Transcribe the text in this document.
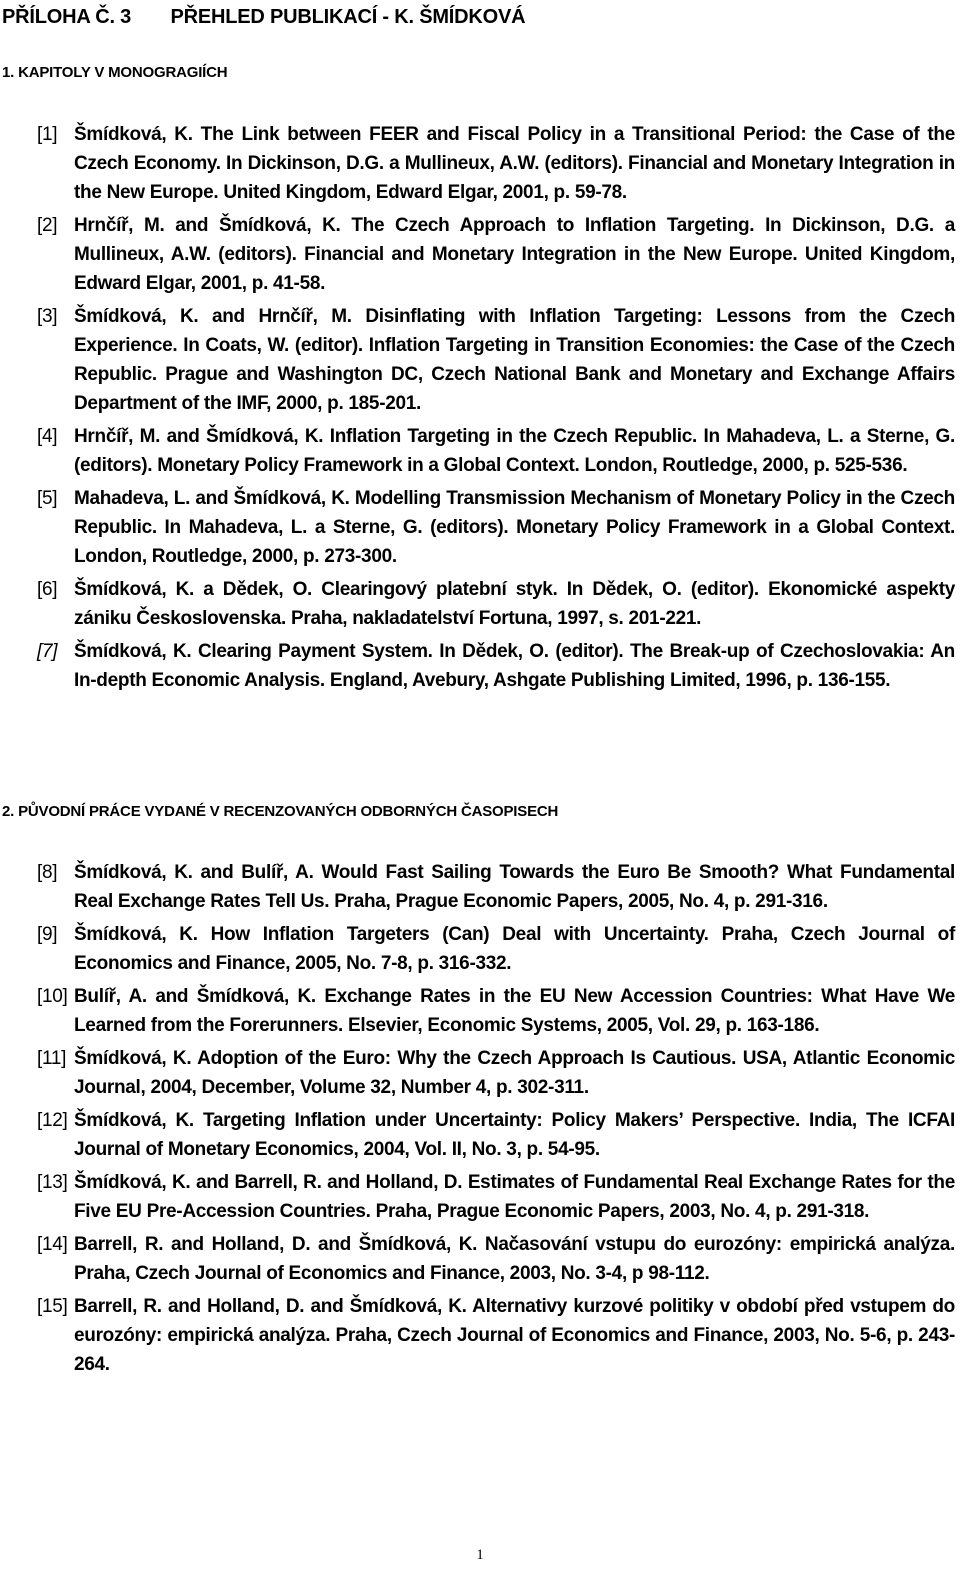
PŘÍLOHA Č. 3 PŘEHLED PUBLIKACÍ - K. ŠMÍDKOVÁ
1. KAPITOLY V MONOGRAGIÍCH
[1] Šmídková, K. The Link between FEER and Fiscal Policy in a Transitional Period: the Case of the Czech Economy. In Dickinson, D.G. a Mullineux, A.W. (editors). Financial and Monetary Integration in the New Europe. United Kingdom, Edward Elgar, 2001, p. 59-78.
[2] Hrnčíř, M. and Šmídková, K. The Czech Approach to Inflation Targeting. In Dickinson, D.G. a Mullineux, A.W. (editors). Financial and Monetary Integration in the New Europe. United Kingdom, Edward Elgar, 2001, p. 41-58.
[3] Šmídková, K. and Hrnčíř, M. Disinflating with Inflation Targeting: Lessons from the Czech Experience. In Coats, W. (editor). Inflation Targeting in Transition Economies: the Case of the Czech Republic. Prague and Washington DC, Czech National Bank and Monetary and Exchange Affairs Department of the IMF, 2000, p. 185-201.
[4] Hrnčíř, M. and Šmídková, K. Inflation Targeting in the Czech Republic. In Mahadeva, L. a Sterne, G. (editors). Monetary Policy Framework in a Global Context. London, Routledge, 2000, p. 525-536.
[5] Mahadeva, L. and Šmídková, K. Modelling Transmission Mechanism of Monetary Policy in the Czech Republic. In Mahadeva, L. a Sterne, G. (editors). Monetary Policy Framework in a Global Context. London, Routledge, 2000, p. 273-300.
[6] Šmídková, K. a Dědek, O. Clearingový platební styk. In Dědek, O. (editor). Ekonomické aspekty zániku Československa. Praha, nakladatelství Fortuna, 1997, s. 201-221.
[7] Šmídková, K. Clearing Payment System. In Dědek, O. (editor). The Break-up of Czechoslovakia: An In-depth Economic Analysis. England, Avebury, Ashgate Publishing Limited, 1996, p. 136-155.
2. PŮVODNÍ PRÁCE VYDANÉ V RECENZOVANÝCH ODBORNÝCH ČASOPISECH
[8] Šmídková, K. and Bulíř, A. Would Fast Sailing Towards the Euro Be Smooth? What Fundamental Real Exchange Rates Tell Us. Praha, Prague Economic Papers, 2005, No. 4, p. 291-316.
[9] Šmídková, K. How Inflation Targeters (Can) Deal with Uncertainty. Praha, Czech Journal of Economics and Finance, 2005, No. 7-8, p. 316-332.
[10] Bulíř, A. and Šmídková, K. Exchange Rates in the EU New Accession Countries: What Have We Learned from the Forerunners. Elsevier, Economic Systems, 2005, Vol. 29, p. 163-186.
[11] Šmídková, K. Adoption of the Euro: Why the Czech Approach Is Cautious. USA, Atlantic Economic Journal, 2004, December, Volume 32, Number 4, p. 302-311.
[12] Šmídková, K. Targeting Inflation under Uncertainty: Policy Makers’ Perspective. India, The ICFAI Journal of Monetary Economics, 2004, Vol. II, No. 3, p. 54-95.
[13] Šmídková, K. and Barrell, R. and Holland, D. Estimates of Fundamental Real Exchange Rates for the Five EU Pre-Accession Countries. Praha, Prague Economic Papers, 2003, No. 4, p. 291-318.
[14] Barrell, R. and Holland, D. and Šmídková, K. Načasování vstupu do eurozóny: empirická analýza. Praha, Czech Journal of Economics and Finance, 2003, No. 3-4, p 98-112.
[15] Barrell, R. and Holland, D. and Šmídková, K. Alternativy kurzové politiky v období před vstupem do eurozóny: empirická analýza. Praha, Czech Journal of Economics and Finance, 2003, No. 5-6, p. 243-264.
1
